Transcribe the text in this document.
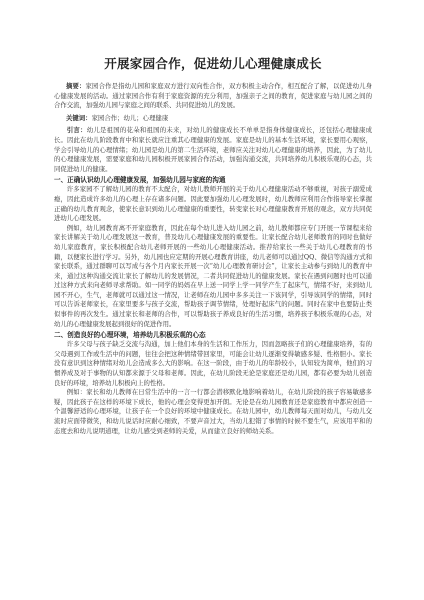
开展家园合作，促进幼儿心理健康成长

摘要：家园合作是指幼儿园和家庭双方进行双向性合作，双方积极主动合作，相互配合了解，以促进幼儿身心健康发展的活动。通过家园合作有利于家庭资源的充分利用，加强亲子之间的教育，促进家庭与幼儿园之间的合作交流，加强幼儿园与家庭之间的联系、共同促进幼儿的发展。

关键词：家园合作；幼儿；心理健康

引言：幼儿是祖国的花朵和祖国的未来，对幼儿的健康成长不单单是指身体健康成长，还包括心理健康成长。因此在幼儿阶段教育中和家长就应注重其心理健康的发展。家庭是幼儿的基本生活环境，家长要用心观察，学会引导幼儿的心理情绪；幼儿园是幼儿的第二生活环境，老师应关注对幼儿心理健康的培养，因此，为了幼儿的心理健康发展，需要家庭和幼儿园积极开展家园合作活动，加强沟通交流，共同培养幼儿积极乐观的心态，共同促进幼儿的健康。

一、正确认识幼儿心理健康发展，加强幼儿园与家庭的沟通

许多家园不了解幼儿园的教育不太配合，对幼儿教师开展的关于幼儿心理健康活动不够重视，对孩子溺爱成瘾，因此造成许多幼儿的心理上存在诸多问题。因此要加强幼儿心理发展时，幼儿教师应利用合作指导家长掌握正确的幼儿教育观念，使家长意识到幼儿心理健康的重要性，转变家长对心理健康教育开展的观念，双方共同促进幼儿心理发展。

例如，幼儿园教育离不开家庭教育，因此在每个幼儿进入幼儿园之前，幼儿教师都应专门开展一节课程来给家长讲解关于幼儿心理发展这一教育，普及幼儿心理健康发展的重要性。让家长配合幼儿老师教育的同时也做好幼儿家庭教育，家长积极配合幼儿老师开展的一些幼儿心理健康活动。推荐给家长一些关于幼儿心理教育的书籍，以便家长进行学习。另外，幼儿园也应定期的开展心理教育讲座，幼儿老师可以通过QQ、微信等沟通方式和家长联系，通过群聊可以写成与各个月内家长开展一次“幼儿心理教育研讨会”，让家长主动参与到幼儿的教育中来，通过这种沟通交流让家长了解幼儿的发展情况，二者共同促进幼儿的健康发展。家长在遇到问题时也可以通过这种方式来向老师寻求帮助。如一同学的妈妈在早上送一同学上学一同学产生了起床气，情绪不好，来到幼儿园不开心，生气，老师就可以通过这一情况，让老师在幼儿园中多多关注一下该同学，引导该同学的情绪，同时可以告诉老师家长，在家里要多与孩子交流，帮助孩子调节情绪，处理好起床气的问题。同时在家中也要防止类似事件的再次发生。通过家长和老师的合作，可以帮助孩子养成良好的生活习惯，培养孩子积极乐观的心态，对幼儿的心理健康发展起到很好的促进作用。

二、创造良好的心理环境，培养幼儿积极乐观的心态

许多父母与孩子缺乏交流与沟通，加上他们本身的生活和工作压力，因而忽略孩子们的心理健康培养，有的父母遇到工作或生活中的问题，往往会把这种情绪带回家里，可能会让幼儿逐渐变得敏感多疑、性格胆小。家长没有意识到这种情绪对幼儿会造成多么大的影响。在这一阶段，由于幼儿的年龄较小，认知较为简单，他们的习惯养成及对于事物的认知都来源于父母和老师。因此，在幼儿阶段无论是家庭还是幼儿园，都有必要为幼儿创造良好的环境，培养幼儿积极向上的性格。

例如：家长和幼儿教师在日常生活中的一言一行都会潜移默化地影响着幼儿，在幼儿阶段的孩子容易敏感多疑，因此孩子在这样的环境下成长，他的心理会变得更加开朗。无论是在幼儿园教育还是家庭教育中都应创造一个温馨舒适的心理环境，让孩子在一个良好的环境中健康成长。在幼儿园中，幼儿教师每天面对幼儿，与幼儿交流时应面带微笑，和幼儿说话时应耐心细致，不要声音过大，当幼儿犯错了事情的时候不要生气，应该用平和的态度去和幼儿说明道理，让幼儿感受到老师的关爱，从而建立良好的师幼关系。
